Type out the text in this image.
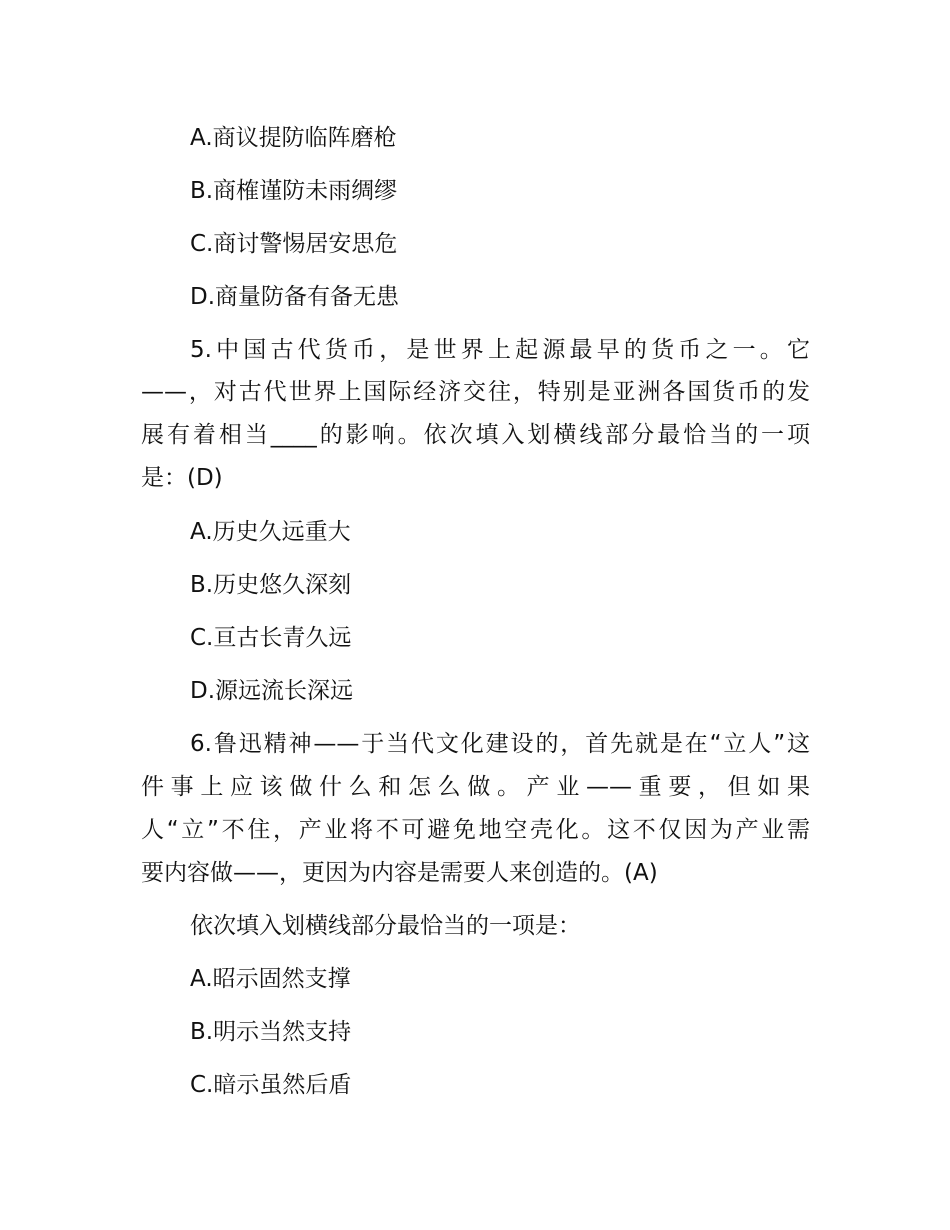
A.商议提防临阵磨枪
B.商榷谨防未雨绸缪
C.商讨警惕居安思危
D.商量防备有备无患
5.中国古代货币，是世界上起源最早的货币之一。它
——，对古代世界上国际经济交往，特别是亚洲各国货币的发
展有着相当____的影响。依次填入划横线部分最恰当的一项
是：(D)
A.历史久远重大
B.历史悠久深刻
C.亘古长青久远
D.源远流长深远
6.鲁迅精神——于当代文化建设的，首先就是在“立人”这
件事上应该做什么和怎么做。产业——重要，但如果
人“立”不住，产业将不可避免地空壳化。这不仅因为产业需
要内容做——，更因为内容是需要人来创造的。(A)
依次填入划横线部分最恰当的一项是：
A.昭示固然支撑
B.明示当然支持
C.暗示虽然后盾
